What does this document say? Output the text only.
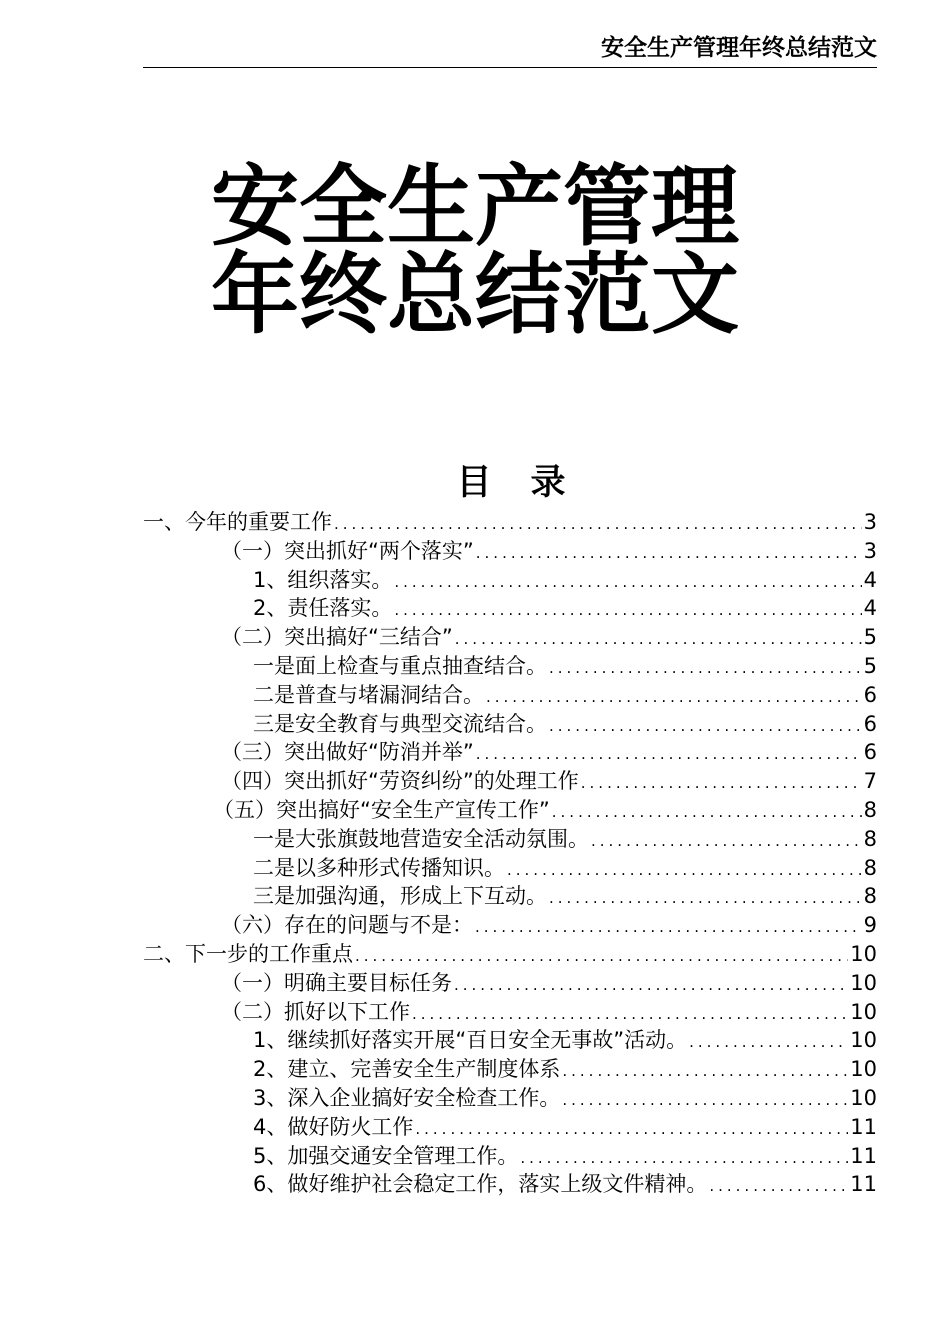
安全生产管理年终总结范文
安全生产管理
年终总结范文
目　录
一、今年的重要工作 .....	3
（一）突出抓好“两个落实” .....	3
1、组织落实。 .....	4
2、责任落实。 .....	4
（二）突出搞好“三结合” .....	5
一是面上检查与重点抽查结合。 .....	5
二是普查与堵漏洞结合。 .....	6
三是安全教育与典型交流结合。 .....	6
（三）突出做好“防消并举” .....	6
（四）突出抓好“劳资纠纷”的处理工作 .....	7
（五）突出搞好“安全生产宣传工作” .....	8
一是大张旗鼓地营造安全活动氛围。 .....	8
二是以多种形式传播知识。 .....	8
三是加强沟通，形成上下互动。 .....	8
（六）存在的问题与不是： .....	9
二、下一步的工作重点 .....	10
（一）明确主要目标任务 .....	10
（二）抓好以下工作 .....	10
1、继续抓好落实开展“百日安全无事故”活动。 .....	10
2、建立、完善安全生产制度体系 .....	10
3、深入企业搞好安全检查工作。 .....	10
4、做好防火工作 .....	11
5、加强交通安全管理工作。 .....	11
6、做好维护社会稳定工作，落实上级文件精神。 .....	11
